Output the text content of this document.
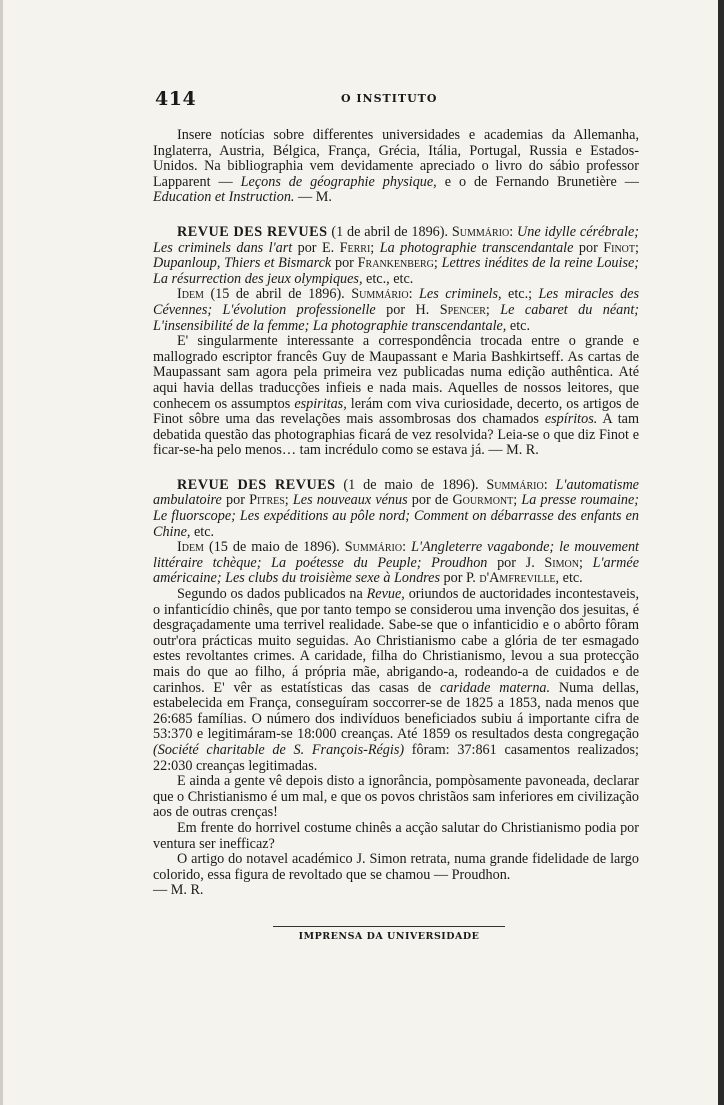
414	O INSTITUTO

Insere notícias sobre differentes universidades e academias da Allemanha, Inglaterra, Austria, Bélgica, França, Grécia, Itália, Portugal, Russia e Estados-Unidos. Na bibliographia vem devidamente apreciado o livro do sábio professor Lapparent — Leçons de géographie physique, e o de Fernando Brunetière — Education et Instruction. — M.

REVUE DES REVUES (1 de abril de 1896). Summário: Une idylle cérébrale; Les criminels dans l'art por E. Ferri; La photographie transcendantale por Finot; Dupanloup, Thiers et Bismarck por Frankenberg; Lettres inédites de la reine Louise; La résurrection des jeux olympiques, etc., etc.

Idem (15 de abril de 1896). Summário: Les criminels, etc.; Les miracles des Cévennes; L'évolution professionelle por H. Spencer; Le cabaret du néant; L'insensibilité de la femme; La photographie transcendantale, etc.

E' singularmente interessante a correspondência trocada entre o grande e mallogrado escriptor francês Guy de Maupassant e Maria Bashkirtseff. As cartas de Maupassant sam agora pela primeira vez publicadas numa edição authêntica. Até aqui havia dellas traducções infieis e nada mais. Aquelles de nossos leitores, que conhecem os assumptos espiritas, lerám com viva curiosidade, decerto, os artigos de Finot sôbre uma das revelações mais assombrosas dos chamados espíritos. A tam debatida questão das photographias ficará de vez resolvida? Leia-se o que diz Finot e ficar-se-ha pelo menos… tam incrédulo como se estava já. — M. R.

REVUE DES REVUES (1 de maio de 1896). Summário: L'automatisme ambulatoire por Pitres; Les nouveaux vénus por de Gourmont; La presse roumaine; Le fluorscope; Les expéditions au pôle nord; Comment on débarrasse des enfants en Chine, etc.

Idem (15 de maio de 1896). Summário: L'Angleterre vagabonde; le mouvement littéraire tchèque; La poétesse du Peuple; Proudhon por J. Simon; L'armée américaine; Les clubs du troisième sexe à Londres por P. d'Amfreville, etc.

Segundo os dados publicados na Revue, oriundos de auctoridades incontestaveis, o infanticídio chinês, que por tanto tempo se considerou uma invenção dos jesuitas, é desgraçadamente uma terrivel realidade. Sabe-se que o infanticidio e o abôrto fôram outr'ora prácticas muito seguidas. Ao Christianismo cabe a glória de ter esmagado estes revoltantes crimes. A caridade, filha do Christianismo, levou a sua protecção mais do que ao filho, á própria mãe, abrigando-a, rodeando-a de cuidados e de carinhos. E' vêr as estatísticas das casas de caridade materna. Numa dellas, estabelecida em França, conseguíram soccorrer-se de 1825 a 1853, nada menos que 26:685 famílias. O número dos indivíduos beneficiados subiu á importante cifra de 53:370 e legitimáram-se 18:000 creanças. Até 1859 os resultados desta congregação (Société charitable de S. François-Régis) fôram: 37:861 casamentos realizados; 22:030 creanças legitimadas.

E ainda a gente vê depois disto a ignorância, pompòsamente pavoneada, declarar que o Christianismo é um mal, e que os povos christãos sam inferiores em civilização aos de outras crenças!

Em frente do horrivel costume chinês a acção salutar do Christianismo podia por ventura ser inefficaz?

O artigo do notavel académico J. Simon retrata, numa grande fidelidade de largo colorido, essa figura de revoltado que se chamou — Proudhon.

— M. R.

IMPRENSA DA UNIVERSIDADE
